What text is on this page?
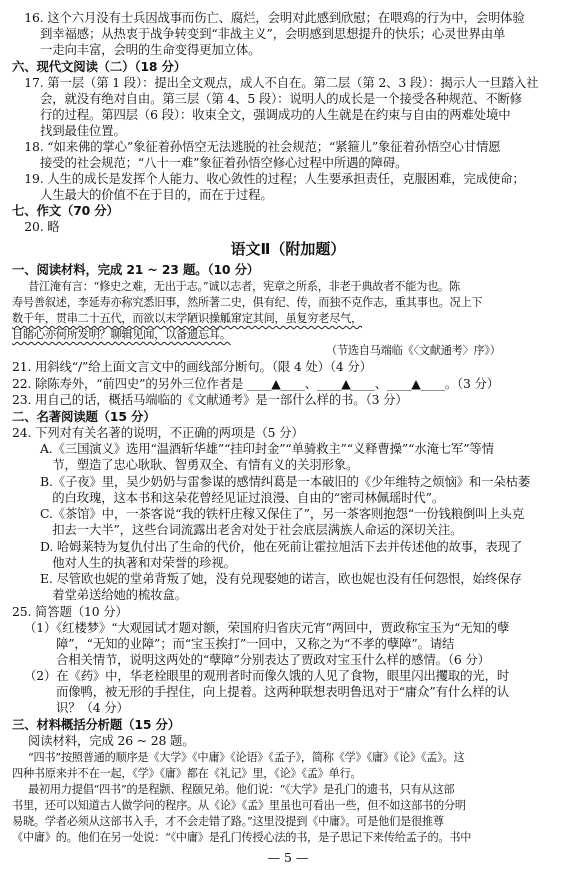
　16. 这个六月没有士兵因战事而伤亡、腐烂，会明对此感到欣慰；在喂鸡的行为中，会明体验
到幸福感；从热衷于战争转变到“非战主义”，会明感到思想提升的快乐；心灵世界由单
一走向丰富，会明的生命变得更加立体。
六、现代文阅读（二）（18 分）
　17. 第一层（第 1 段）：提出全文观点，成人不自在。第二层（第 2、3 段）：揭示人一旦踏入社
会，就没有绝对自由。第三层（第 4、5 段）：说明人的成长是一个接受各种规范、不断修
行的过程。第四层（6 段）：收束全文，强调成功的人生就是在约束与自由的两难处境中
找到最佳位置。
　18. “如来佛的掌心”象征着孙悟空无法逃脱的社会规范；“紧箍儿”象征着孙悟空心甘情愿
接受的社会规范；“八十一难”象征着孙悟空修心过程中所遇的障碍。
　19. 人生的成长是发挥个人能力、收心敛性的过程；人生要承担责任，克服困难，完成使命；
人生最大的价值不在于目的，而在于过程。
七、作文（70 分）
　20. 略
语文Ⅱ（附加题）
一、阅读材料，完成 21 ~ 23 题。（10 分）
昔江淹有言：“修史之难，无出于志。”诚以志者，宪章之所系，非老于典故者不能为也。陈
寿号善叙述，李延寿亦称究悉旧事，然所著二史，俱有纪、传，而独不克作志，重其事也。况上下
数千年，贯串二十五代，而欲以末学陋识操觚窜定其间，虽复穷老尽气，
目睹心亦何所发明？聊辑见闻，以备遗忘耳。
（节选自马端临《〈文献通考〉序》）
21. 用斜线“/”给上面文言文中的画线部分断句。（限 4 处）（4 分）
22. 除陈寿外，“前四史”的另外三位作者是 ____▲____、____▲____、____▲____。（3 分）
23. 用自己的话，概括马端临的《文献通考》是一部什么样的书。（3 分）
二、名著阅读题（15 分）
24. 下列对有关名著的说明，不正确的两项是（5 分）
A.《三国演义》选用“温酒斩华雄”“挂印封金”“单骑救主”“义释曹操”“水淹七军”等情
　节，塑造了忠心耿耿、智勇双全、有情有义的关羽形象。
B.《子夜》里，吴少奶奶与雷参谋的感情纠葛是一本破旧的《少年维特之烦恼》和一朵枯萎
　的白玫瑰，这本书和这朵花曾经见证过浪漫、自由的“密司林佩瑶时代”。
C.《茶馆》中，一茶客说“我的铁杆庄稼又保住了”，另一茶客则抱怨“一份钱粮倒叫上头克
　扣去一大半”，这些台词流露出老舍对处于社会底层满族人命运的深切关注。
D. 哈姆莱特为复仇付出了生命的代价，他在死前让霍拉旭活下去并传述他的故事，表现了
　他对人生的执著和对荣誉的珍视。
E. 尽管欧也妮的堂弟背叛了她，没有兑现娶她的诺言，欧也妮也没有任何怨恨，始终保存
　着堂弟送给她的梳妆盒。
25. 简答题（10 分）
（1）《红楼梦》“大观园试才题对额，荣国府归省庆元宵”两回中，贾政称宝玉为“无知的孽
障”，“无知的业障”；而“宝玉挨打”一回中，又称之为“不孝的孽障”。请结
合相关情节，说明这两处的“孽障”分别表达了贾政对宝玉什么样的感情。（6 分）
（2）在《药》中，华老栓眼里的观刑者时而像久饿的人见了食物，眼里闪出攫取的光，时
而像鸭，被无形的手捏住，向上提着。这两种联想表明鲁迅对于“庸众”有什么样的认
识？（4 分）
三、材料概括分析题（15 分）
阅读材料，完成 26 ~ 28 题。
“四书”按照普通的顺序是《大学》《中庸》《论语》《孟子》，简称《学》《庸》《论》《孟》。这
四种书原来并不在一起，《学》《庸》都在《礼记》里，《论》《孟》单行。
最初用力提倡“四书”的是程颢、程颐兄弟。他们说：“《大学》是孔门的遗书，只有从这部
书里，还可以知道古人做学问的程序。从《论》《孟》里虽也可看出一些，但不如这部书的分明
易晓。学者必须从这部书入手，才不会走错了路。”这里没提到《中庸》。可是他们是很推尊
《中庸》的。他们在另一处说：“《中庸》是孔门传授心法的书，是子思记下来传给孟子的。书中
— 5 —
